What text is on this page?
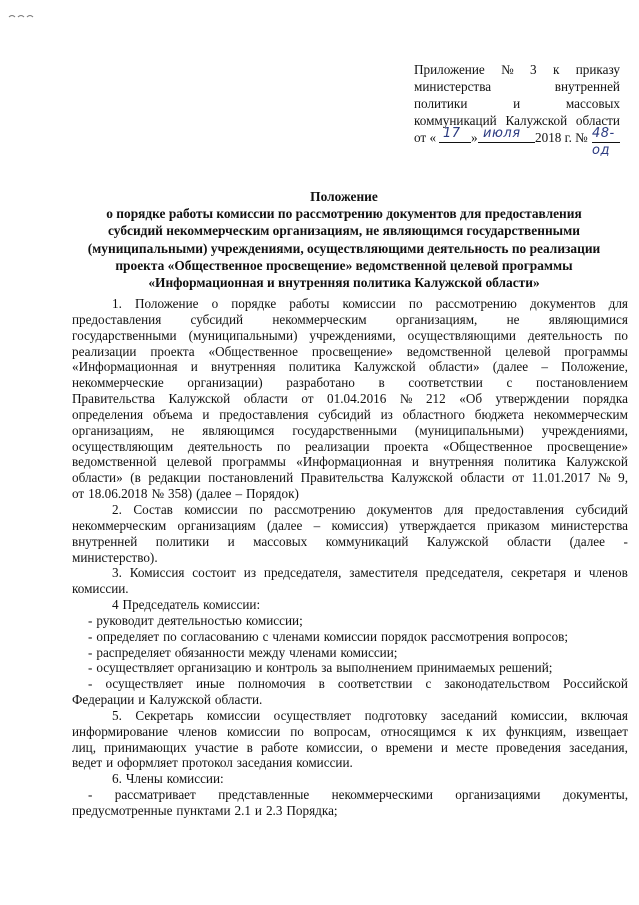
Приложение № 3 к приказу
министерства	внутренней
политики	и	массовых
коммуникаций Калужской области
от « 17 » июля 2018 г. № 48-од
Положение
о порядке работы комиссии по рассмотрению документов для предоставления
субсидий некоммерческим организациям, не являющимся государственными
(муниципальными) учреждениями, осуществляющими деятельность по реализации
проекта «Общественное просвещение» ведомственной целевой программы
«Информационная и внутренняя политика Калужской области»
1. Положение о порядке работы комиссии по рассмотрению документов для
предоставления субсидий некоммерческим организациям, не являющимися
государственными (муниципальными) учреждениями, осуществляющими деятельность по
реализации проекта «Общественное просвещение» ведомственной целевой программы
«Информационная и внутренняя политика Калужской области» (далее – Положение,
некоммерческие организации) разработано в соответствии с постановлением
Правительства Калужской области от 01.04.2016 № 212 «Об утверждении порядка
определения объема и предоставления субсидий из областного бюджета некоммерческим
организациям, не являющимся государственными (муниципальными) учреждениями,
осуществляющим деятельность по реализации проекта «Общественное просвещение»
ведомственной целевой программы «Информационная и внутренняя политика Калужской
области» (в редакции постановлений Правительства Калужской области от 11.01.2017 № 9,
от 18.06.2018 № 358) (далее – Порядок)
2. Состав комиссии по рассмотрению документов для предоставления субсидий
некоммерческим организациям (далее – комиссия) утверждается приказом министерства
внутренней политики и массовых коммуникаций Калужской области (далее -
министерство).
3. Комиссия состоит из председателя, заместителя председателя, секретаря и членов
комиссии.
4 Председатель комиссии:
- руководит деятельностью комиссии;
- определяет по согласованию с членами комиссии порядок рассмотрения вопросов;
- распределяет обязанности между членами комиссии;
- осуществляет организацию и контроль за выполнением принимаемых решений;
- осуществляет иные полномочия в соответствии с законодательством Российской
Федерации и Калужской области.
5. Секретарь комиссии осуществляет подготовку заседаний комиссии, включая
информирование членов комиссии по вопросам, относящимся к их функциям, извещает
лиц, принимающих участие в работе комиссии, о времени и месте проведения заседания,
ведет и оформляет протокол заседания комиссии.
6. Члены комиссии:
- рассматривает представленные некоммерческими организациями документы,
предусмотренные пунктами 2.1 и 2.3 Порядка;
